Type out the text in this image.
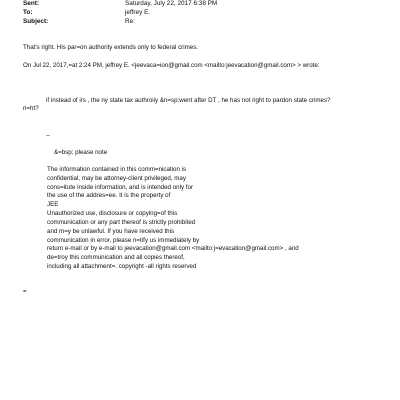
Sent:	Saturday, July 22, 2017 6:38 PM
To:	jeffrey E.
Subject:	Re:
That's right. His par=on authority extends only to federal crimes.
On Jul 22, 2017,=at 2:24 PM, jeffrey E. <jeevaca=ion@gmail.com <mailto:jeevacation@gmail.com> > wrote:
if instead of irs , the ny state tax authroiiy &n=sp;went after DT , he has not right to pardon state crimes?
ri=ht?
--
&=bsp; please note
The information contained in this comm=nication is
confidential, may be attorney-client privileged, may
cons=itute inside information, and is intended only for
the use of the addres=ee. It is the property of
JEE
Unauthorized use, disclosure or copying=of this
communication or any part thereof is strictly prohibited
and m=y be unlawful. If you have received this
communication in error, please n=tify us immediately by
return e-mail or by e-mail to jeevacation@gmail.com <mailto:j=evacation@gmail.com> , and
de=troy this communication and all copies thereof,
including all attachment=. copyright -all rights reserved
=
